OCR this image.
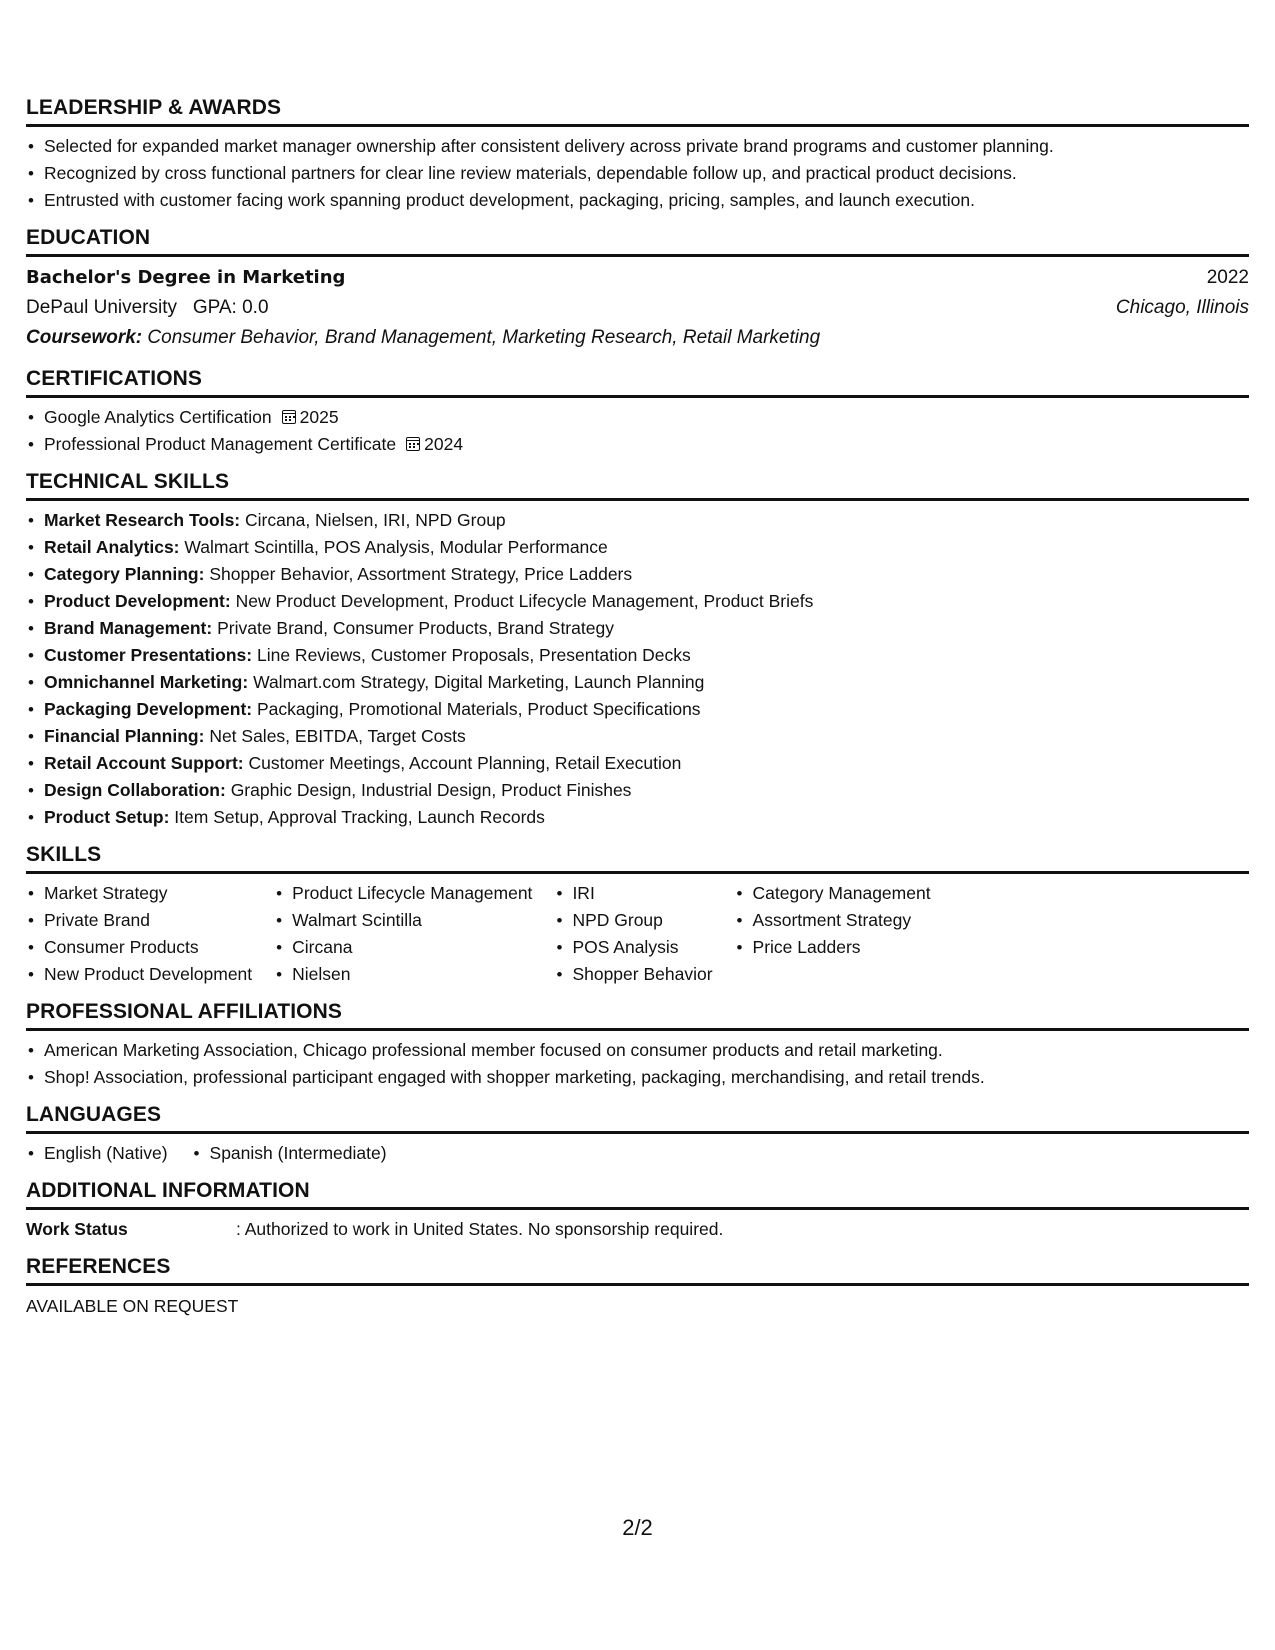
LEADERSHIP & AWARDS
• Selected for expanded market manager ownership after consistent delivery across private brand programs and customer planning.
• Recognized by cross functional partners for clear line review materials, dependable follow up, and practical product decisions.
• Entrusted with customer facing work spanning product development, packaging, pricing, samples, and launch execution.
EDUCATION
Bachelor's Degree in Marketing	2022
DePaul University GPA: 0.0	Chicago, Illinois
Coursework: Consumer Behavior, Brand Management, Marketing Research, Retail Marketing
CERTIFICATIONS
• Google Analytics Certification 2025
• Professional Product Management Certificate 2024
TECHNICAL SKILLS
• Market Research Tools: Circana, Nielsen, IRI, NPD Group
• Retail Analytics: Walmart Scintilla, POS Analysis, Modular Performance
• Category Planning: Shopper Behavior, Assortment Strategy, Price Ladders
• Product Development: New Product Development, Product Lifecycle Management, Product Briefs
• Brand Management: Private Brand, Consumer Products, Brand Strategy
• Customer Presentations: Line Reviews, Customer Proposals, Presentation Decks
• Omnichannel Marketing: Walmart.com Strategy, Digital Marketing, Launch Planning
• Packaging Development: Packaging, Promotional Materials, Product Specifications
• Financial Planning: Net Sales, EBITDA, Target Costs
• Retail Account Support: Customer Meetings, Account Planning, Retail Execution
• Design Collaboration: Graphic Design, Industrial Design, Product Finishes
• Product Setup: Item Setup, Approval Tracking, Launch Records
SKILLS
• Market Strategy
• Private Brand
• Consumer Products
• New Product Development
• Product Lifecycle Management
• Walmart Scintilla
• Circana
• Nielsen
• IRI
• NPD Group
• POS Analysis
• Shopper Behavior
• Category Management
• Assortment Strategy
• Price Ladders
PROFESSIONAL AFFILIATIONS
• American Marketing Association, Chicago professional member focused on consumer products and retail marketing.
• Shop! Association, professional participant engaged with shopper marketing, packaging, merchandising, and retail trends.
LANGUAGES
• English (Native)
•	Spanish (Intermediate)
ADDITIONAL INFORMATION
Work Status	: Authorized to work in United States. No sponsorship required.
REFERENCES
AVAILABLE ON REQUEST
2/2
